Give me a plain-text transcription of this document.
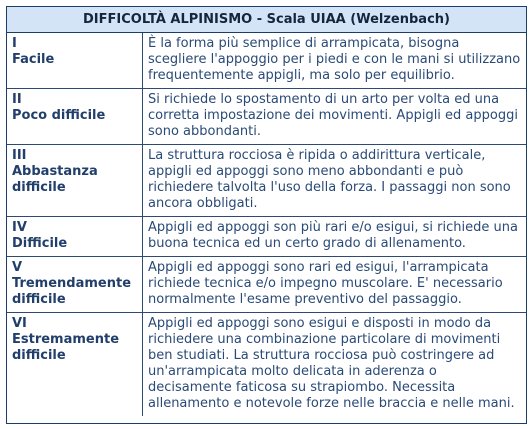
DIFFICOLTÀ ALPINISMO - Scala UIAA (Welzenbach)
I
Facile	È la forma più semplice di arrampicata, bisogna scegliere l'appoggio per i piedi e con le mani si utilizzano frequentemente appigli, ma solo per equilibrio.

II
Poco difficile	Si richiede lo spostamento di un arto per volta ed una corretta impostazione dei movimenti. Appigli ed appoggi sono abbondanti.

III
Abbastanza difficile	La struttura rocciosa è ripida o addirittura verticale, appigli ed appoggi sono meno abbondanti e può richiedere talvolta l'uso della forza. I passaggi non sono ancora obbligati.

IV
Difficile	Appigli ed appoggi son più rari e/o esigui, si richiede una buona tecnica ed un certo grado di allenamento.

V
Tremendamente difficile	Appigli ed appoggi sono rari ed esigui, l'arrampicata richiede tecnica e/o impegno muscolare. E' necessario normalmente l'esame preventivo del passaggio.

VI
Estremamente difficile	Appigli ed appoggi sono esigui e disposti in modo da richiedere una combinazione particolare di movimenti ben studiati. La struttura rocciosa può costringere ad un'arrampicata molto delicata in aderenza o decisamente faticosa su strapiombo. Necessita allenamento e notevole forze nelle braccia e nelle mani.
